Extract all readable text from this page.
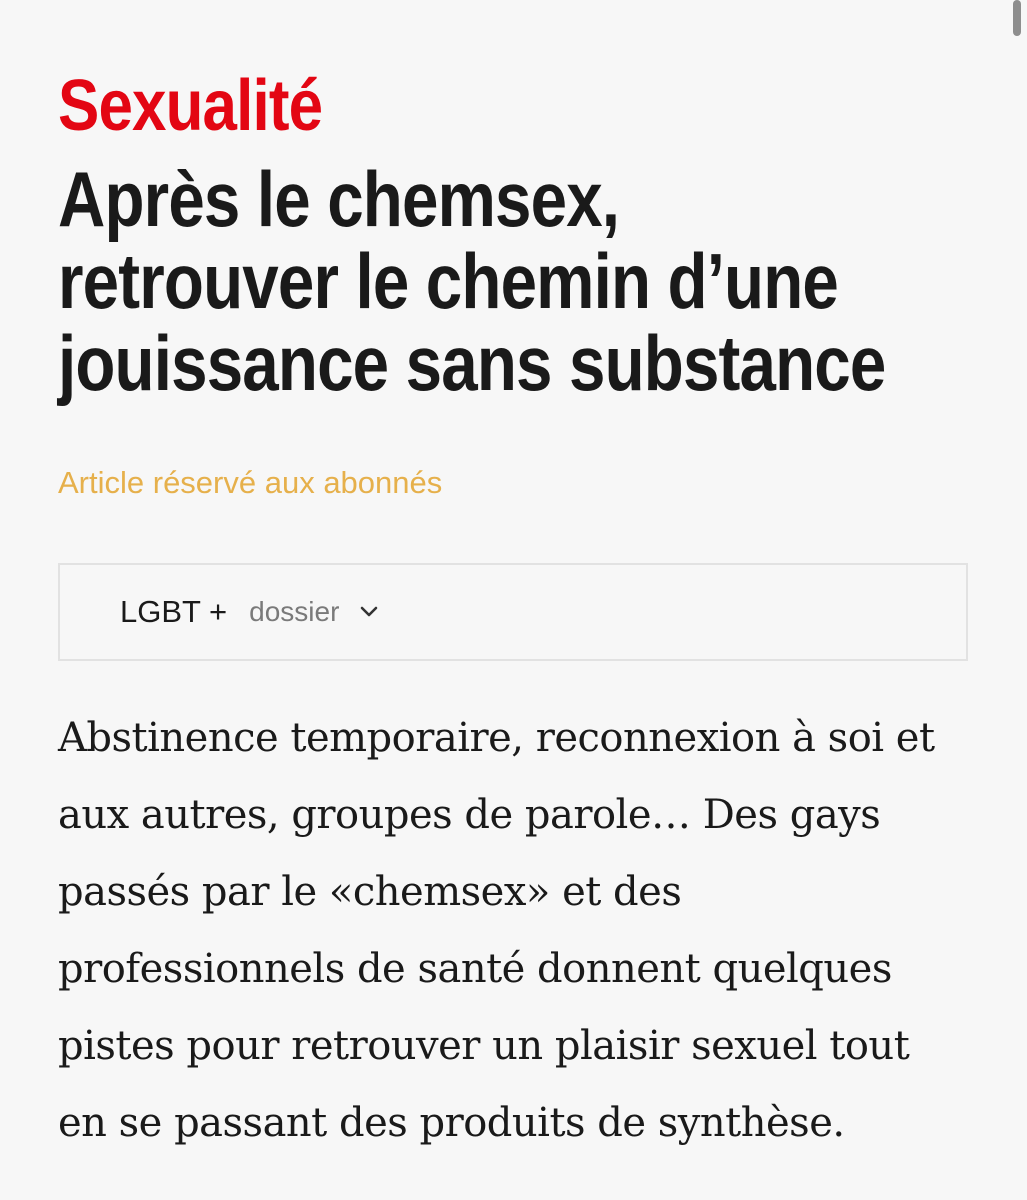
Sexualité
Après le chemsex,
retrouver le chemin d’une
jouissance sans substance

Article réservé aux abonnés

LGBT + dossier

Abstinence temporaire, reconnexion à soi et
aux autres, groupes de parole… Des gays
passés par le «chemsex» et des
professionnels de santé donnent quelques
pistes pour retrouver un plaisir sexuel tout
en se passant des produits de synthèse.
